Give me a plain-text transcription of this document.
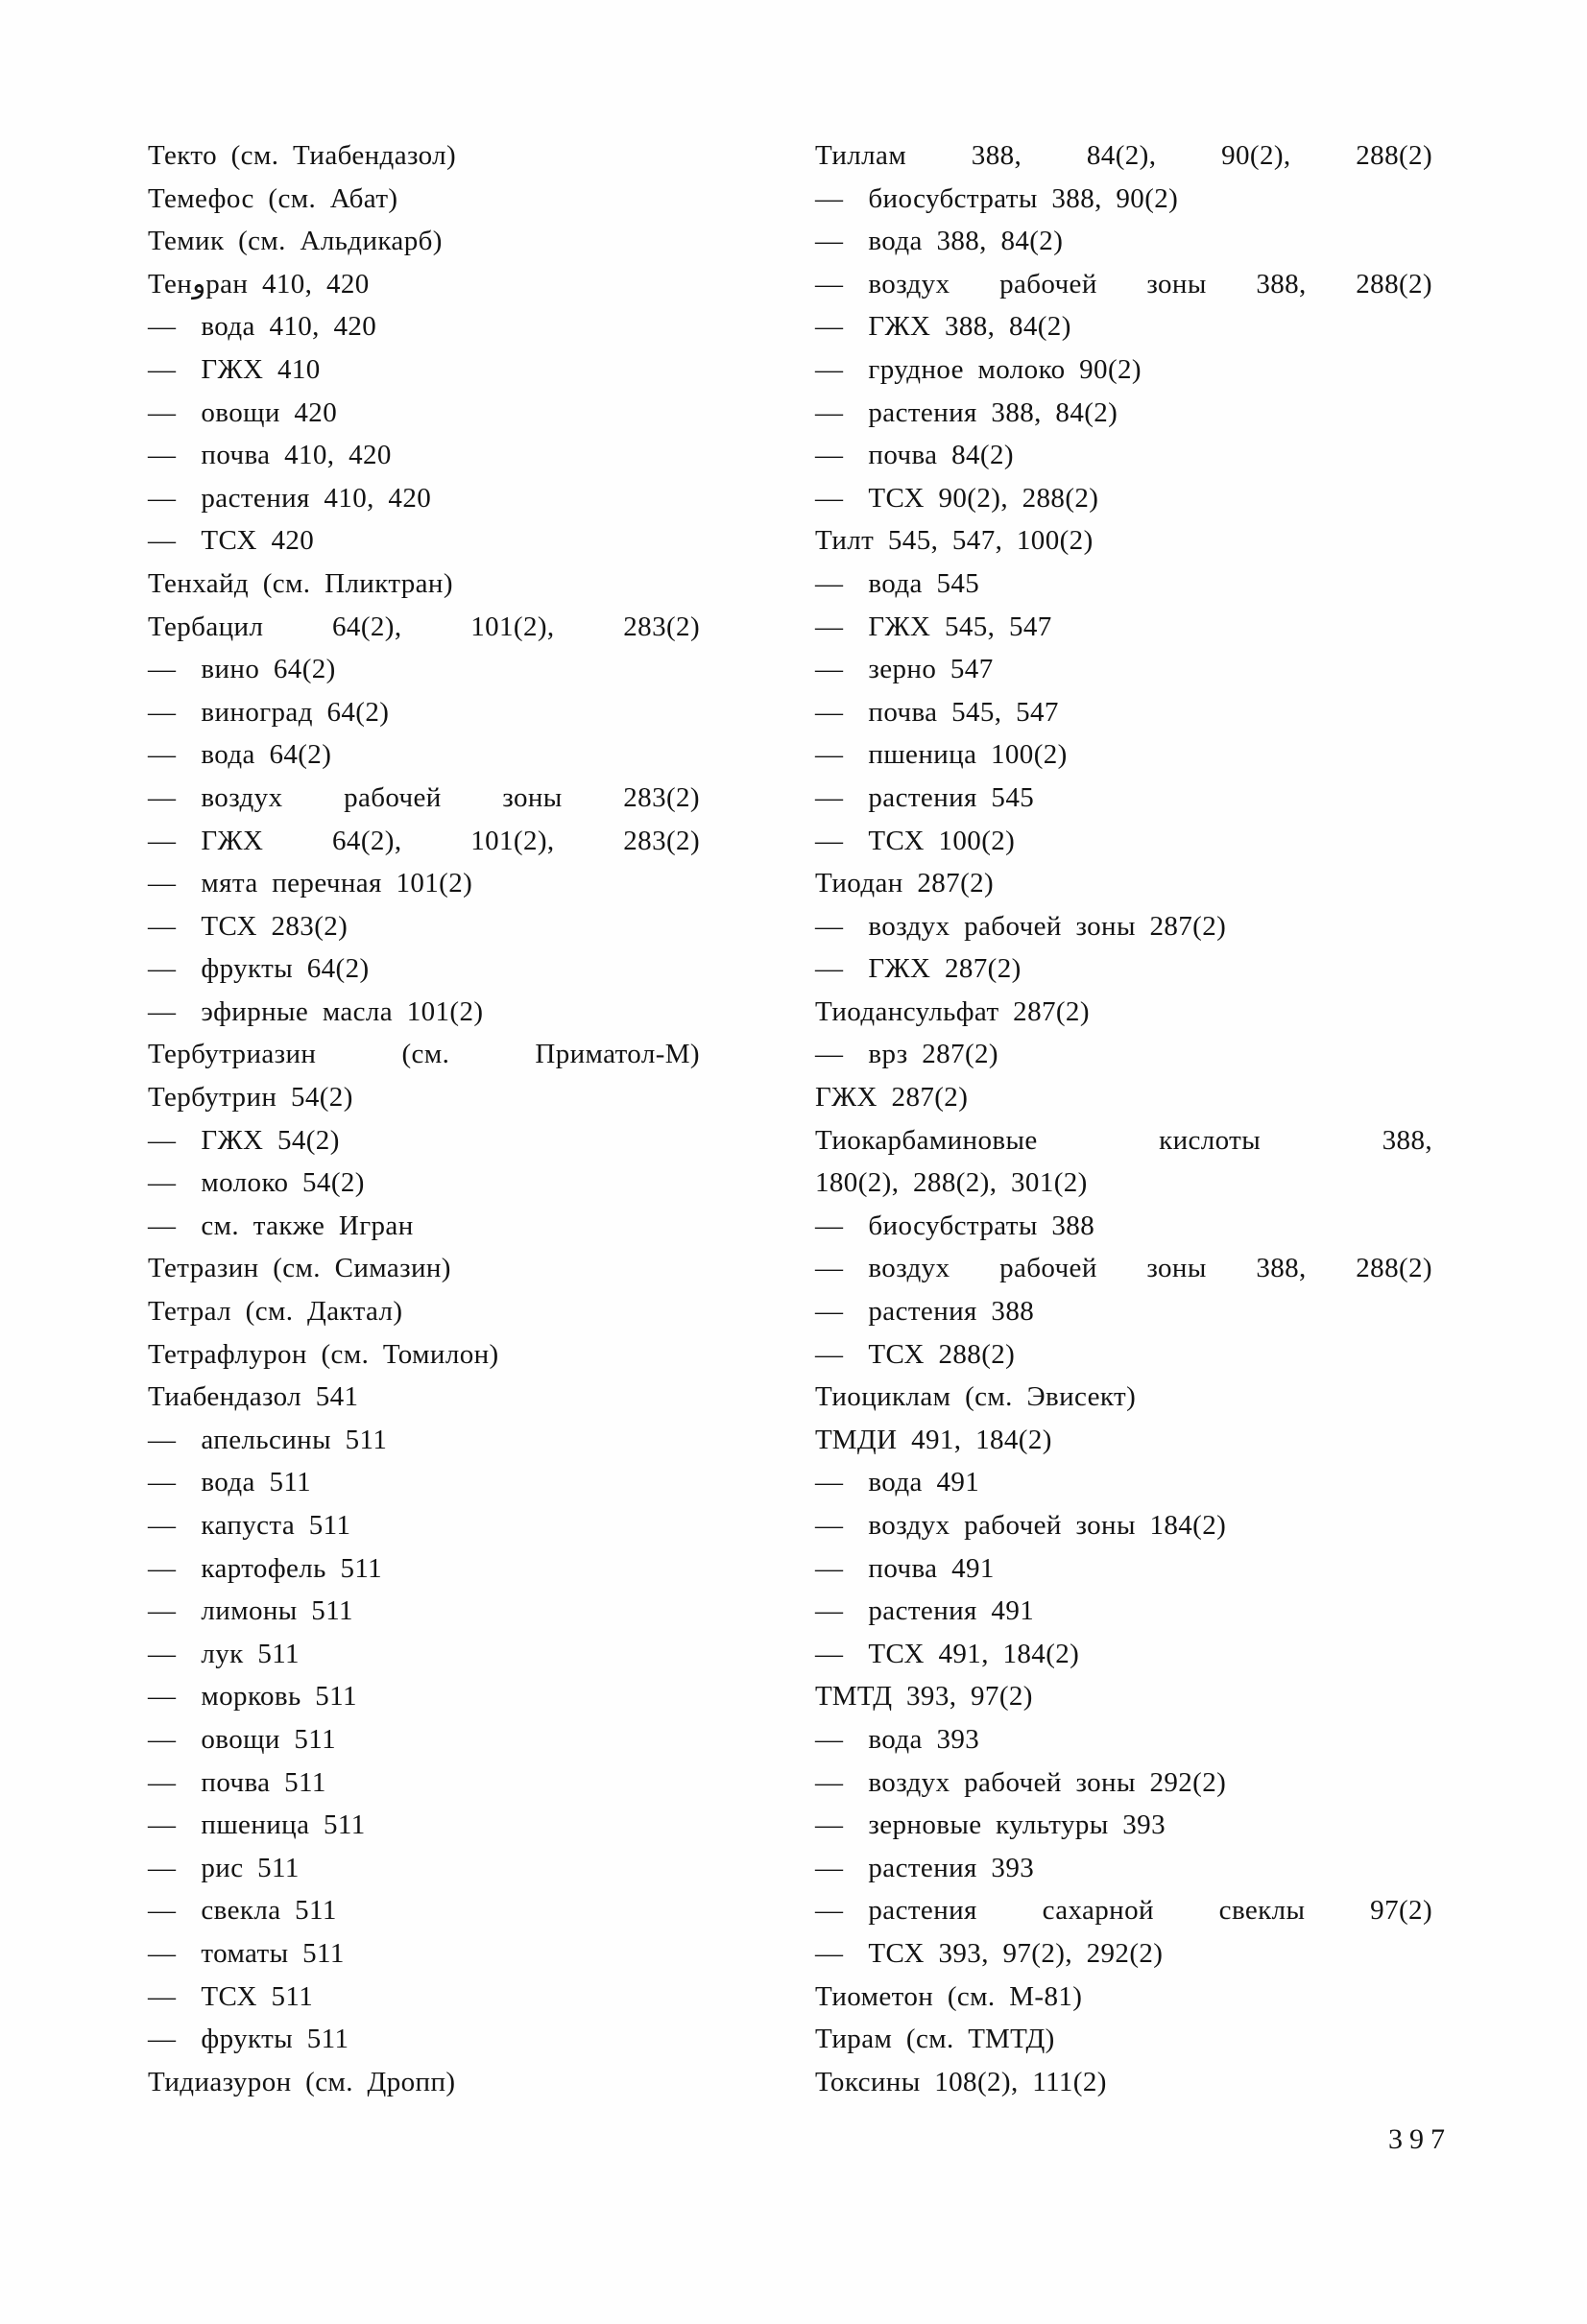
Текто (см. Тиабендазол)
Темефос (см. Абат)
Темик (см. Альдикарб)
Тенوран 410, 420
— вода 410, 420
— ГЖХ 410
— овощи 420
— почва 410, 420
— растения 410, 420
— ТСХ 420
Тенхайд (см. Пликтран)
Тербацил 64(2), 101(2), 283(2)
— вино 64(2)
— виноград 64(2)
— вода 64(2)
— воздух рабочей зоны 283(2)
— ГЖХ 64(2), 101(2), 283(2)
— мята перечная 101(2)
— ТСХ 283(2)
— фрукты 64(2)
— эфирные масла 101(2)
Тербутриазин (см. Приматол-М)
Тербутрин 54(2)
— ГЖХ 54(2)
— молоко 54(2)
— см. также Игран
Тетразин (см. Симазин)
Тетрал (см. Дактал)
Тетрафлурон (см. Томилон)
Тиабендазол 541
— апельсины 511
— вода 511
— капуста 511
— картофель 511
— лимоны 511
— лук 511
— морковь 511
— овощи 511
— почва 511
— пшеница 511
— рис 511
— свекла 511
— томаты 511
— ТСХ 511
— фрукты 511
Тидиазурон (см. Дропп)
Тиллам 388, 84(2), 90(2), 288(2)
— биосубстраты 388, 90(2)
— вода 388, 84(2)
— воздух рабочей зоны 388, 288(2)
— ГЖХ 388, 84(2)
— грудное молоко 90(2)
— растения 388, 84(2)
— почва 84(2)
— ТСХ 90(2), 288(2)
Тилт 545, 547, 100(2)
— вода 545
— ГЖХ 545, 547
— зерно 547
— почва 545, 547
— пшеница 100(2)
— растения 545
— ТСХ 100(2)
Тиодан 287(2)
— воздух рабочей зоны 287(2)
— ГЖХ 287(2)
Тиодансульфат 287(2)
— врз 287(2)
ГЖХ 287(2)
Тиокарбаминовые кислоты 388,
180(2), 288(2), 301(2)
— биосубстраты 388
— воздух рабочей зоны 388, 288(2)
— растения 388
— ТСХ 288(2)
Тиоциклам (см. Эвисект)
ТМДИ 491, 184(2)
— вода 491
— воздух рабочей зоны 184(2)
— почва 491
— растения 491
— ТСХ 491, 184(2)
ТМТД 393, 97(2)
— вода 393
— воздух рабочей зоны 292(2)
— зерновые культуры 393
— растения 393
— растения сахарной свеклы 97(2)
— ТСХ 393, 97(2), 292(2)
Тиометон (см. М-81)
Тирам (см. ТМТД)
Токсины 108(2), 111(2)
397
